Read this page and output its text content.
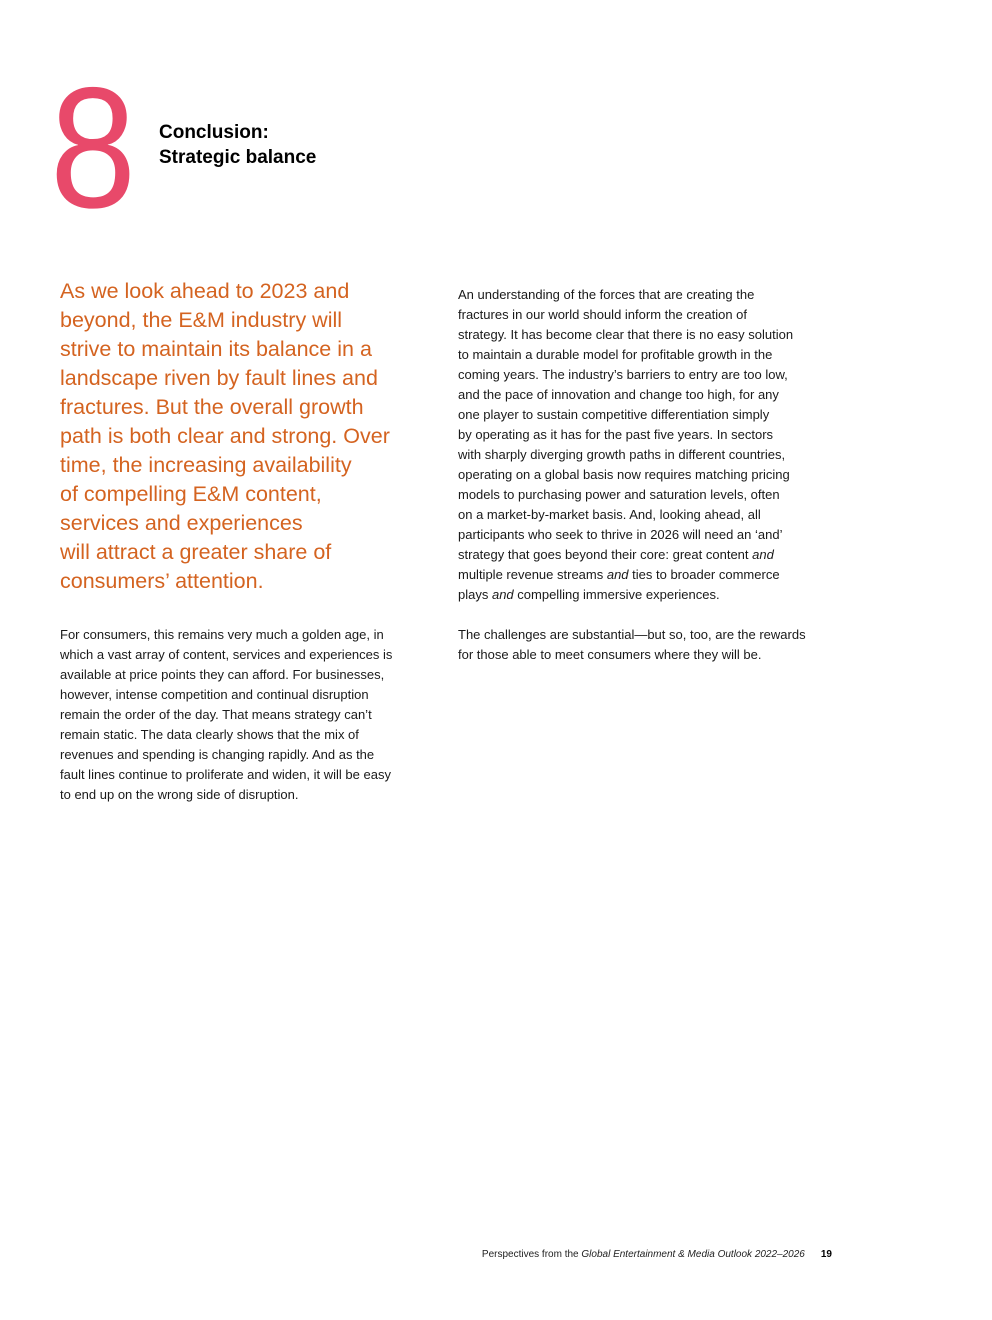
8 Conclusion:
Strategic balance
As we look ahead to 2023 and
beyond, the E&M industry will
strive to maintain its balance in a
landscape riven by fault lines and
fractures. But the overall growth
path is both clear and strong. Over
time, the increasing availability
of compelling E&M content,
services and experiences
will attract a greater share of
consumers’ attention.

For consumers, this remains very much a golden age, in
which a vast array of content, services and experiences is
available at price points they can afford. For businesses,
however, intense competition and continual disruption
remain the order of the day. That means strategy can’t
remain static. The data clearly shows that the mix of
revenues and spending is changing rapidly. And as the
fault lines continue to proliferate and widen, it will be easy
to end up on the wrong side of disruption.

An understanding of the forces that are creating the
fractures in our world should inform the creation of
strategy. It has become clear that there is no easy solution
to maintain a durable model for profitable growth in the
coming years. The industry’s barriers to entry are too low,
and the pace of innovation and change too high, for any
one player to sustain competitive differentiation simply
by operating as it has for the past five years. In sectors
with sharply diverging growth paths in different countries,
operating on a global basis now requires matching pricing
models to purchasing power and saturation levels, often
on a market-by-market basis. And, looking ahead, all
participants who seek to thrive in 2026 will need an ‘and’
strategy that goes beyond their core: great content and
multiple revenue streams and ties to broader commerce
plays and compelling immersive experiences.

The challenges are substantial—but so, too, are the rewards
for those able to meet consumers where they will be.

Perspectives from the Global Entertainment & Media Outlook 2022–2026 19
